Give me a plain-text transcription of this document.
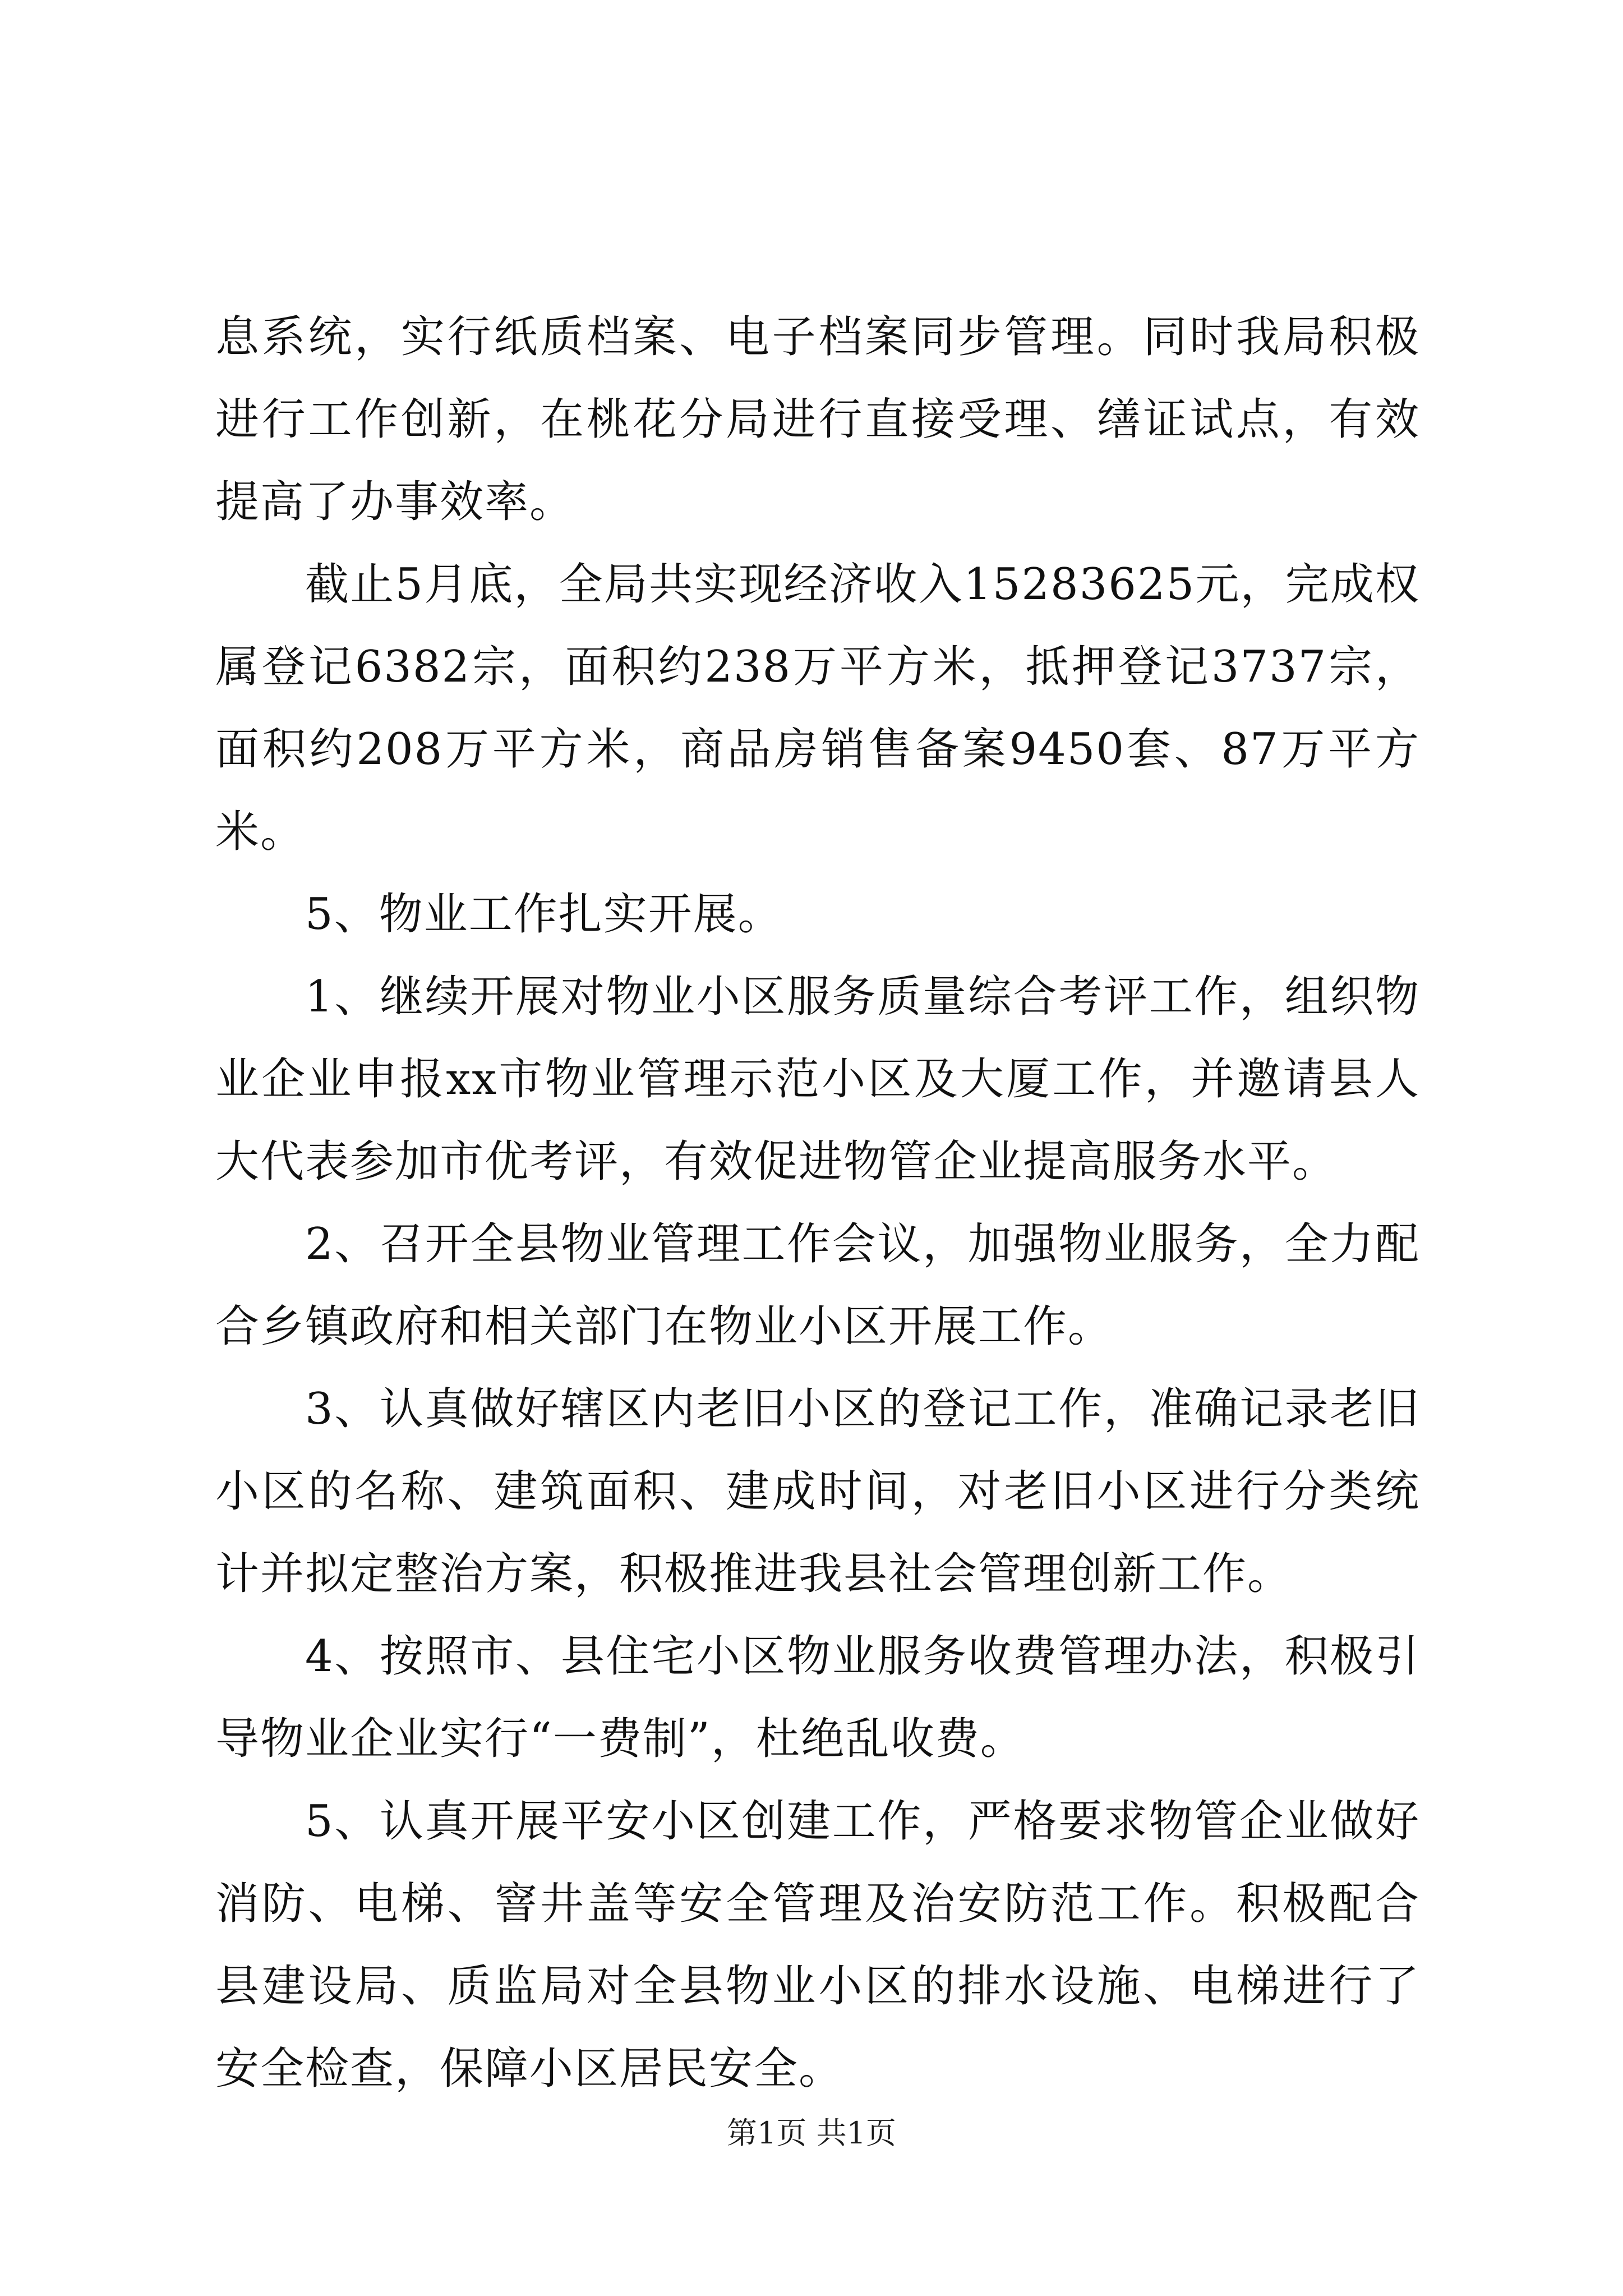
息系统，实行纸质档案、电子档案同步管理。同时我局积极进行工作创新，在桃花分局进行直接受理、缮证试点，有效提高了办事效率。

截止5月底，全局共实现经济收入15283625元，完成权属登记6382宗，面积约238万平方米，抵押登记3737宗，面积约208万平方米，商品房销售备案9450套、87万平方米。

5、物业工作扎实开展。

1、继续开展对物业小区服务质量综合考评工作，组织物业企业申报xx市物业管理示范小区及大厦工作，并邀请县人大代表参加市优考评，有效促进物管企业提高服务水平。

2、召开全县物业管理工作会议，加强物业服务，全力配合乡镇政府和相关部门在物业小区开展工作。

3、认真做好辖区内老旧小区的登记工作，准确记录老旧小区的名称、建筑面积、建成时间，对老旧小区进行分类统计并拟定整治方案，积极推进我县社会管理创新工作。

4、按照市、县住宅小区物业服务收费管理办法，积极引导物业企业实行“一费制”，杜绝乱收费。

5、认真开展平安小区创建工作，严格要求物管企业做好消防、电梯、窨井盖等安全管理及治安防范工作。积极配合县建设局、质监局对全县物业小区的排水设施、电梯进行了安全检查，保障小区居民安全。

第1页 共1页
